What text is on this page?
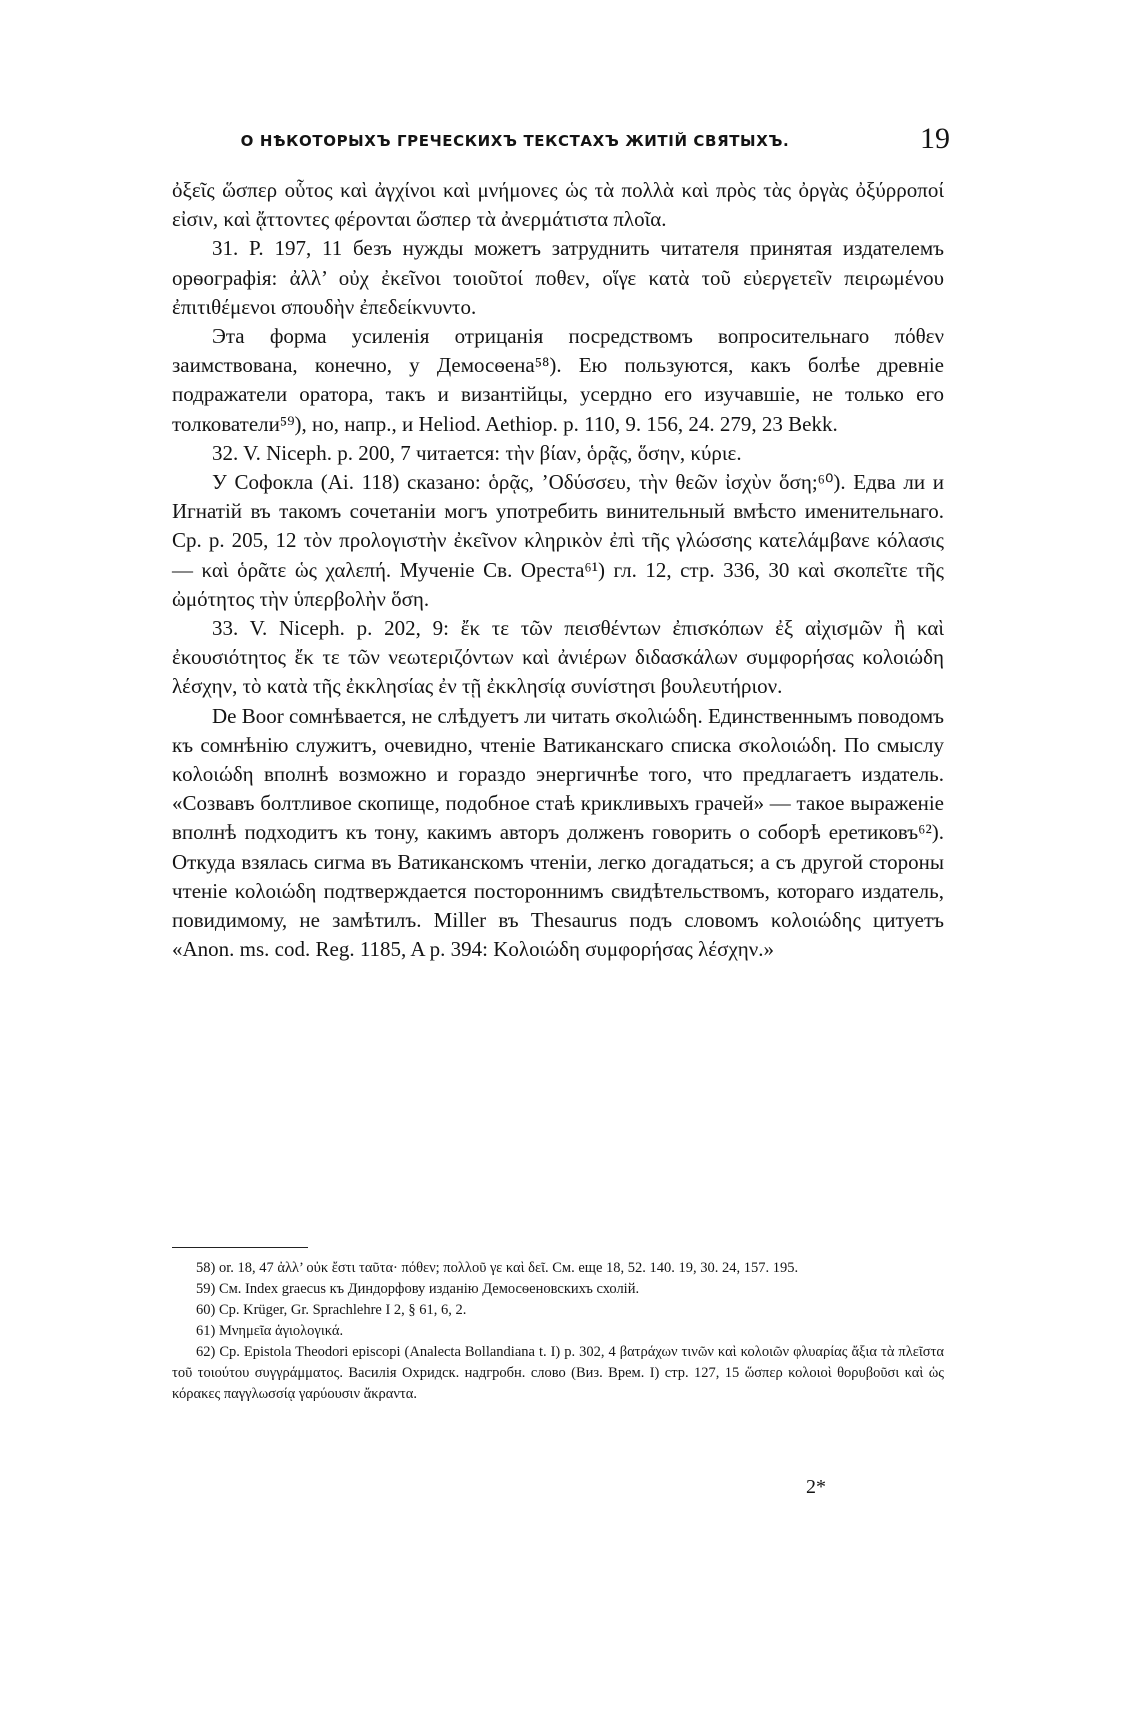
О НѢКОТОРЫХЪ ГРЕЧЕСКИХЪ ТЕКСТАХЪ ЖИТІЙ СВЯТЫХЪ.	19

ὀξεῖς ὥσπερ οὗτος καὶ ἀγχίνοι καὶ μνήμονες ὡς τὰ πολλὰ καὶ πρὸς τὰς ὀργὰς ὀξύρροποί εἰσιν, καὶ ᾄττοντες φέρονται ὥσπερ τὰ ἀνερμάτιστα πλοῖα.

31. P. 197, 11 безъ нужды можетъ затруднить читателя принятая издателемъ орѳографія: ἀλλ’ οὐχ ἐκεῖνοι τοιοῦτοί ποθεν, οἵγε κατὰ τοῦ εὐεργετεῖν πειρωμένου ἐπιτιθέμενοι σπουδὴν ἐπεδείκνυντο.

Эта форма усиленія отрицанія посредствомъ вопросительнаго πόθεν заимствована, конечно, у Демосѳена⁵⁸). Ею пользуются, какъ болѣе древніе подражатели оратора, такъ и византійцы, усердно его изучавшіе, не только его толкователи⁵⁹), но, напр., и Heliod. Aethiop. p. 110, 9. 156, 24. 279, 23 Bekk.

32. V. Niceph. p. 200, 7 читается: τὴν βίαν, ὁρᾷς, ὅσην, κύριε.

У Софокла (Ai. 118) сказано: ὁρᾷς, ’Οδύσσευ, τὴν θεῶν ἰσχὺν ὅση;⁶⁰). Едва ли и Игнатій въ такомъ сочетаніи могъ употребить винительный вмѣсто именительнаго. Ср. p. 205, 12 τὸν προλογιστὴν ἐκεῖνον κληρικὸν ἐπὶ τῆς γλώσσης κατελάμβανε κόλασις — καὶ ὁρᾶτε ὡς χαλεπή. Мученіе Св. Ореста⁶¹) гл. 12, стр. 336, 30 καὶ σκοπεῖτε τῆς ὠμότητος τὴν ὑπερβολὴν ὅση.

33. V. Niceph. p. 202, 9: ἔκ τε τῶν πεισθέντων ἐπισκόπων ἐξ αἰχισμῶν ἢ καὶ ἐκουσιότητος ἔκ τε τῶν νεωτεριζόντων καὶ ἀνιέρων διδασκάλων συμφορήσας κολοιώδη λέσχην, τὸ κατὰ τῆς ἐκκλησίας ἐν τῇ ἐκκλησίᾳ συνίστησι βουλευτήριον.

De Boor сомнѣвается, не слѣдуетъ ли читать σκολιώδη. Единственнымъ поводомъ къ сомнѣнію служитъ, очевидно, чтеніе Ватиканскаго списка σκολοιώδη. По смыслу κολοιώδη вполнѣ возможно и гораздо энергичнѣе того, что предлагаетъ издатель. «Созвавъ болтливое скопище, подобное стаѣ крикливыхъ грачей» — такое выраженіе вполнѣ подходитъ къ тону, какимъ авторъ долженъ говорить о соборѣ еретиковъ⁶²). Откуда взялась сигма въ Ватиканскомъ чтеніи, легко догадаться; а съ другой стороны чтеніе κολοιώδη подтверждается постороннимъ свидѣтельствомъ, котораго издатель, повидимому, не замѣтилъ. Miller въ Thesaurus подъ словомъ κολοιώδης цитуетъ «Anon. ms. cod. Reg. 1185, A p. 394: Κολοιώδη συμφορήσας λέσχην.»

58) or. 18, 47 ἀλλ’ οὐκ ἔστι ταῦτα· πόθεν; πολλοῦ γε καὶ δεῖ. См. еще 18, 52. 140. 19, 30. 24, 157. 195.

59) См. Index graecus къ Диндорфову изданію Демосѳеновскихъ схолій.

60) Ср. Krüger, Gr. Sprachlehre I 2, § 61, 6, 2.

61) Μνημεῖα ἁγιολογικά.

62) Ср. Epistola Theodori episcopi (Analecta Bollandiana t. I) p. 302, 4 βατράχων τινῶν καὶ κολοιῶν φλυαρίας ἄξια τὰ πλεῖστα τοῦ τοιούτου συγγράμματος. Василія Охридск. надгробн. слово (Виз. Врем. I) стр. 127, 15 ὥσπερ κολοιοὶ θορυβοῦσι καὶ ὡς κόρακες παγγλωσσίᾳ γαρύουσιν ἄκραντα.

2*
